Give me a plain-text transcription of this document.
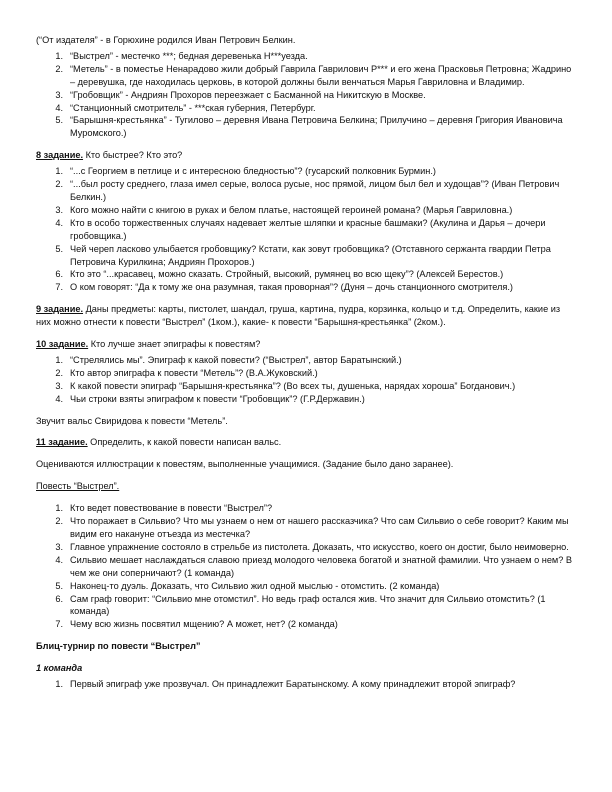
(“От издателя” - в Горюхине родился Иван Петрович Белкин.

1. “Выстрел” - местечко ***; бедная деревенька Н***уезда.
2. “Метель” - в поместье Ненарадово жили добрый Гаврила Гаврилович Р*** и его жена Прасковья Петровна; Жадрино – деревушка, где находилась церковь, в которой должны были венчаться Марья Гавриловна и Владимир.
3. “Гробовщик” - Андриян Прохоров переезжает с Басманной на Никитскую в Москве.
4. “Станционный смотритель” - ***ская губерния, Петербург.
5. “Барышня-крестьянка” - Тугилово – деревня Ивана Петровича Белкина; Прилучино – деревня Григория Ивановича Муромского.)

8 задание. Кто быстрее? Кто это?

1. “...с Георгием в петлице и с интересною бледностью”? (гусарский полковник Бурмин.)
2. “...был росту среднего, глаза имел серые, волоса русые, нос прямой, лицом был бел и худощав”? (Иван Петрович Белкин.)
3. Кого можно найти с книгою в руках и белом платье, настоящей героиней романа? (Марья Гавриловна.)
4. Кто в особо торжественных случаях надевает желтые шляпки и красные башмаки? (Акулина и Дарья – дочери гробовщика.)
5. Чей череп ласково улыбается гробовщику? Кстати, как зовут гробовщика? (Отставного сержанта гвардии Петра Петровича Курилкина; Андриян Прохоров.)
6. Кто это “...красавец, можно сказать. Стройный, высокий, румянец во всю щеку”? (Алексей Берестов.)
7. О ком говорят: “Да к тому же она разумная, такая проворная”? (Дуня – дочь станционного смотрителя.)

9 задание. Даны предметы: карты, пистолет, шандал, груша, картина, пудра, корзинка, кольцо и т.д. Определить, какие из них можно отнести к повести “Выстрел” (1ком.), какие- к повести “Барышня-крестьянка” (2ком.).

10 задание. Кто лучше знает эпиграфы к повестям?

1. “Стрелялись мы”. Эпиграф к какой повести? (“Выстрел”, автор Баратынский.)
2. Кто автор эпиграфа к повести “Метель”? (В.А.Жуковский.)
3. К какой повести эпиграф “Барышня-крестьянка”? (Во всех ты, душенька, нарядах хороша” Богданович.)
4. Чьи строки взяты эпиграфом к повести “Гробовщик”? (Г.Р.Державин.)

Звучит вальс Свиридова к повести “Метель”.

11 задание. Определить, к какой повести написан вальс.

Оцениваются иллюстрации к повестям, выполненные учащимися. (Задание было дано заранее).

Повесть “Выстрел”.

1. Кто ведет повествование в повести “Выстрел”?
2. Что поражает в Сильвио? Что мы узнаем о нем от нашего рассказчика? Что сам Сильвио о себе говорит? Каким мы видим его накануне отъезда из местечка?
3. Главное упражнение состояло в стрельбе из пистолета. Доказать, что искусство, коего он достиг, было неимоверно.
4. Сильвио мешает наслаждаться славою приезд молодого человека богатой и знатной фамилии. Что узнаем о нем? В чем же они соперничают? (1 команда)
5. Наконец-то дуэль. Доказать, что Сильвио жил одной мыслью - отомстить. (2 команда)
6. Сам граф говорит: “Сильвио мне отомстил”. Но ведь граф остался жив. Что значит для Сильвио отомстить? (1 команда)
7. Чему всю жизнь посвятил мщению? А может, нет? (2 команда)

Блиц-турнир по повести “Выстрел”

1 команда

1. Первый эпиграф уже прозвучал. Он принадлежит Баратынскому. А кому принадлежит второй эпиграф?
